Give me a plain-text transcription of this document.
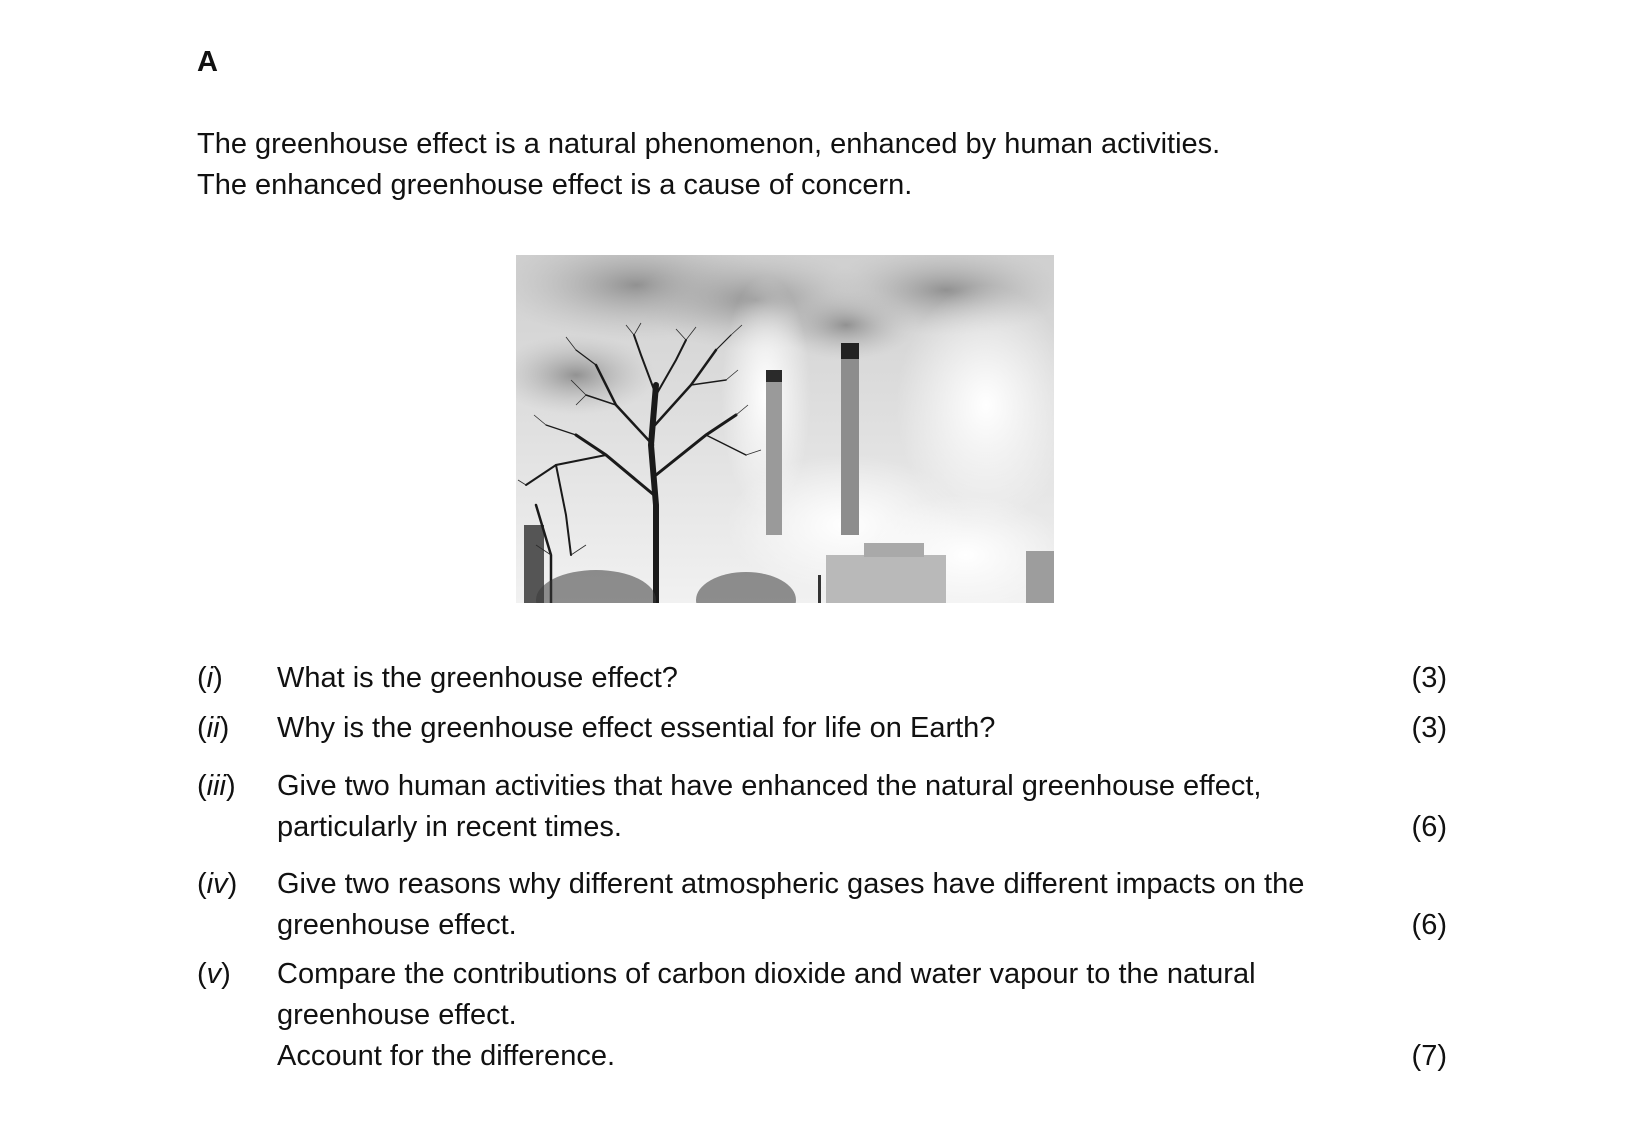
A
The greenhouse effect is a natural phenomenon, enhanced by human activities.
The enhanced greenhouse effect is a cause of concern.
(i) What is the greenhouse effect?	(3)
(ii) Why is the greenhouse effect essential for life on Earth?	(3)
(iii) Give two human activities that have enhanced the natural greenhouse effect,
particularly in recent times.	(6)
(iv) Give two reasons why different atmospheric gases have different impacts on the
greenhouse effect.	(6)
(v) Compare the contributions of carbon dioxide and water vapour to the natural
greenhouse effect.
Account for the difference.	(7)
